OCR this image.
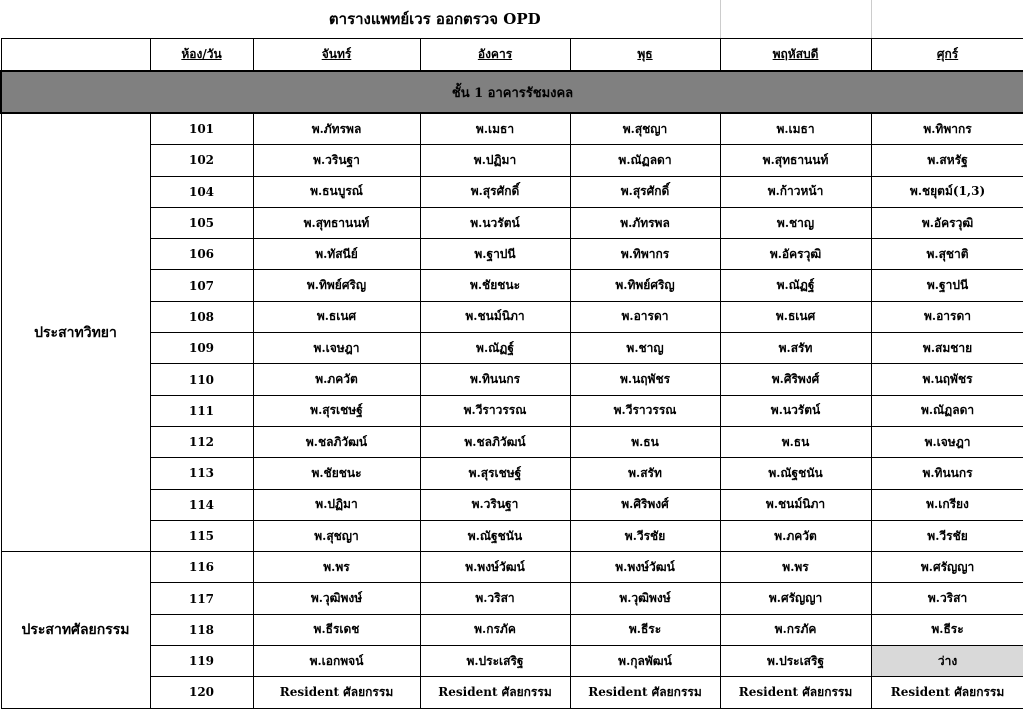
	ตารางแพทย์เวร ออกตรวจ OPD					
	ห้อง/วัน	จันทร์	อังคาร	พุธ	พฤหัสบดี	ศุกร์
ชั้น 1 อาคารรัชมงคล						
ประสาทวิทยา	101	พ.ภัทรพล	พ.เมธา	พ.สุชญา	พ.เมธา	พ.ทิพากร
	102	พ.วรินฐา	พ.ปฏิมา	พ.ณัฏลดา	พ.สุทธานนท์	พ.สหรัฐ
	104	พ.ธนบูรณ์	พ.สุรศักดิ์	พ.สุรศักดิ์	พ.ก้าวหน้า	พ.ชยุตม์(1,3)
	105	พ.สุทธานนท์	พ.นวรัตน์	พ.ภัทรพล	พ.ชาญ	พ.อัครวุฒิ
	106	พ.ทัสนีย์	พ.ฐาปนี	พ.ทิพากร	พ.อัครวุฒิ	พ.สุชาติ
	107	พ.ทิพย์ศริญ	พ.ชัยชนะ	พ.ทิพย์ศริญ	พ.ณัฏฐ์	พ.ฐาปนี
	108	พ.ธเนศ	พ.ชนม์นิภา	พ.อารดา	พ.ธเนศ	พ.อารดา
	109	พ.เจษฎา	พ.ณัฏฐ์	พ.ชาญ	พ.สรัท	พ.สมชาย
	110	พ.ภควัต	พ.ทินนกร	พ.นฤพัชร	พ.ศิริพงศ์	พ.นฤพัชร
	111	พ.สุรเชษฐ์	พ.วีราวรรณ	พ.วีราวรรณ	พ.นวรัตน์	พ.ณัฏลดา
	112	พ.ชลภิวัฒน์	พ.ชลภิวัฒน์	พ.ธน	พ.ธน	พ.เจษฎา
	113	พ.ชัยชนะ	พ.สุรเชษฐ์	พ.สรัท	พ.ณัฐชนัน	พ.ทินนกร
	114	พ.ปฏิมา	พ.วรินฐา	พ.ศิริพงศ์	พ.ชนม์นิภา	พ.เกรียง
	115	พ.สุชญา	พ.ณัฐชนัน	พ.วีรชัย	พ.ภควัต	พ.วีรชัย
ประสาทศัลยกรรม	116	พ.พร	พ.พงษ์วัฒน์	พ.พงษ์วัฒน์	พ.พร	พ.ศรัญญา
	117	พ.วุฒิพงษ์	พ.วริสา	พ.วุฒิพงษ์	พ.ศรัญญา	พ.วริสา
	118	พ.ธีรเดช	พ.กรภัค	พ.ธีระ	พ.กรภัค	พ.ธีระ
	119	พ.เอกพจน์	พ.ประเสริฐ	พ.กุลพัฒน์	พ.ประเสริฐ	ว่าง
	120	Resident ศัลยกรรม	Resident ศัลยกรรม	Resident ศัลยกรรม	Resident ศัลยกรรม	Resident ศัลยกรรม
